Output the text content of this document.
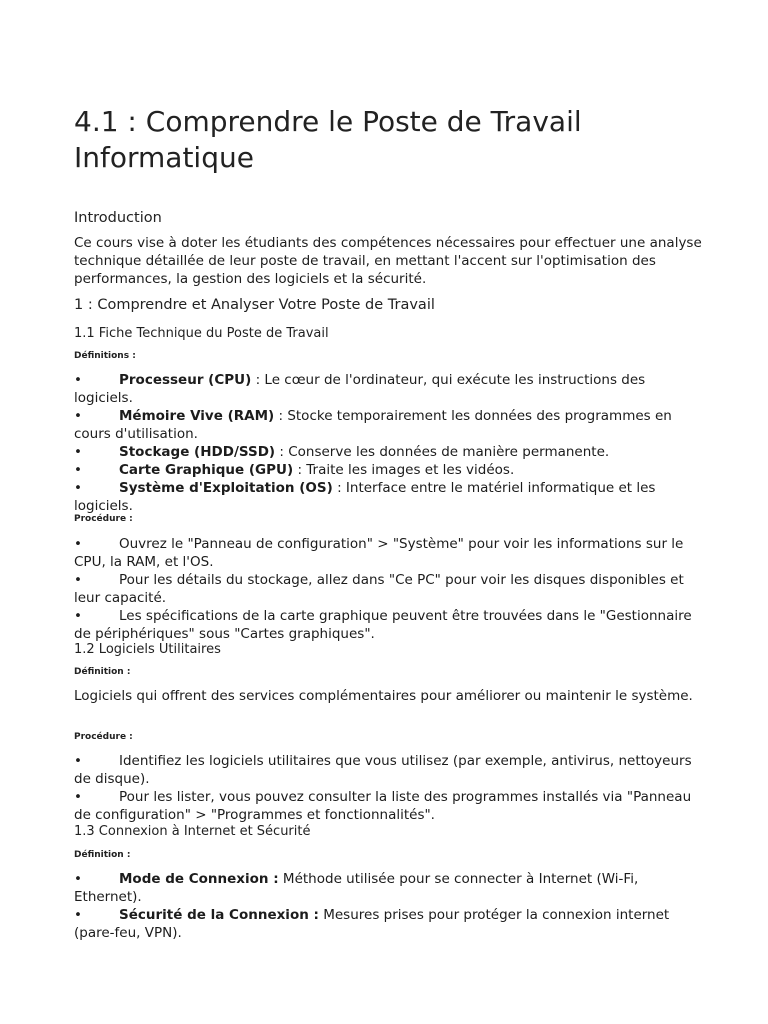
4.1 : Comprendre le Poste de Travail Informatique
Introduction

Ce cours vise à doter les étudiants des compétences nécessaires pour effectuer une analyse technique détaillée de leur poste de travail, en mettant l'accent sur l'optimisation des performances, la gestion des logiciels et la sécurité.

1 : Comprendre et Analyser Votre Poste de Travail
1.1 Fiche Technique du Poste de Travail
Définitions :
•	Processeur (CPU) : Le cœur de l'ordinateur, qui exécute les instructions des logiciels.
•	Mémoire Vive (RAM) : Stocke temporairement les données des programmes en cours d'utilisation.
•	Stockage (HDD/SSD) : Conserve les données de manière permanente.
•	Carte Graphique (GPU) : Traite les images et les vidéos.
•	Système d'Exploitation (OS) : Interface entre le matériel informatique et les logiciels.
Procédure :
•	Ouvrez le "Panneau de configuration" > "Système" pour voir les informations sur le CPU, la RAM, et l'OS.
•	Pour les détails du stockage, allez dans "Ce PC" pour voir les disques disponibles et leur capacité.
•	Les spécifications de la carte graphique peuvent être trouvées dans le "Gestionnaire de périphériques" sous "Cartes graphiques".
1.2 Logiciels Utilitaires
Définition :

Logiciels qui offrent des services complémentaires pour améliorer ou maintenir le système.

Procédure :
•	Identifiez les logiciels utilitaires que vous utilisez (par exemple, antivirus, nettoyeurs de disque).
•	Pour les lister, vous pouvez consulter la liste des programmes installés via "Panneau de configuration" > "Programmes et fonctionnalités".
1.3 Connexion à Internet et Sécurité
Définition :
•	Mode de Connexion : Méthode utilisée pour se connecter à Internet (Wi-Fi, Ethernet).
•	Sécurité de la Connexion : Mesures prises pour protéger la connexion internet (pare-feu, VPN).
